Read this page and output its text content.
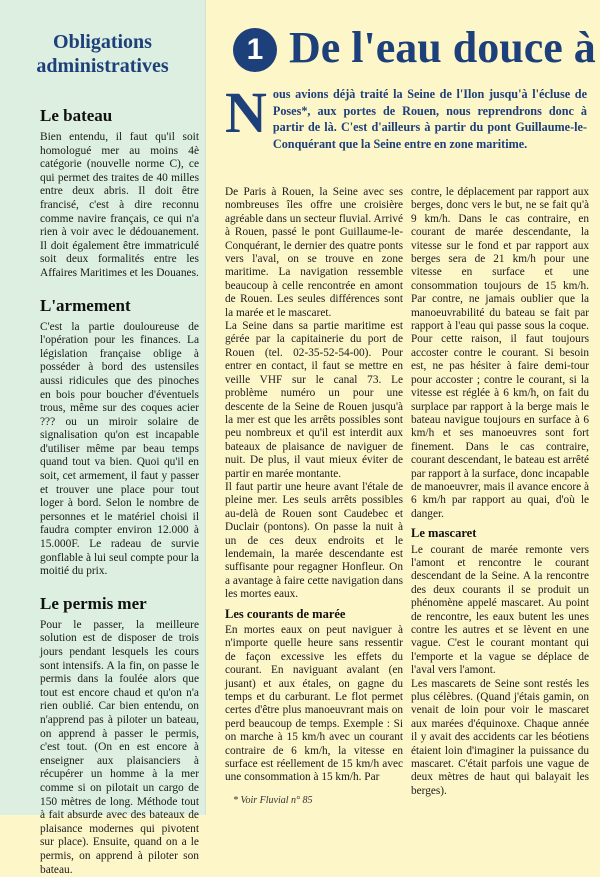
Obligations
administratives
Le bateau

Bien entendu, il faut qu'il soit homologué mer au moins 4è catégorie (nouvelle norme C), ce qui permet des traites de 40 milles entre deux abris. Il doit être francisé, c'est à dire reconnu comme navire français, ce qui n'a rien à voir avec le dédouanement. Il doit également être immatriculé soit deux formalités entre les Affaires Maritimes et les Douanes.

L'armement

C'est la partie douloureuse de l'opération pour les finances. La législation française oblige à posséder à bord des ustensiles aussi ridicules que des pinoches en bois pour boucher d'éventuels trous, même sur des coques acier ??? ou un miroir solaire de signalisation qu'on est incapable d'utiliser même par beau temps quand tout va bien. Quoi qu'il en soit, cet armement, il faut y passer et trouver une place pour tout loger à bord. Selon le nombre de personnes et le matériel choisi il faudra compter environ 12.000 à 15.000F. Le radeau de survie gonflable à lui seul compte pour la moitié du prix.

Le permis mer

Pour le passer, la meilleure solution est de disposer de trois jours pendant lesquels les cours sont intensifs. A la fin, on passe le permis dans la foulée alors que tout est encore chaud et qu'on n'a rien oublié. Car bien entendu, on n'apprend pas à piloter un bateau, on apprend à passer le permis, c'est tout. (On en est encore à enseigner aux plaisanciers à récupérer un homme à la mer comme si on pilotait un cargo de 150 mètres de long. Méthode tout à fait absurde avec des bateaux de plaisance modernes qui pivotent sur place). Ensuite, quand on a le permis, on apprend à piloter son bateau.

1 De l'eau douce à
Nous avions déjà traité la Seine de l'Ilon jusqu'à l'écluse de Poses*, aux portes de Rouen, nous reprendrons donc à partir de là. C'est d'ailleurs à partir du pont Guillaume-le-Conquérant que la Seine entre en zone maritime.

De Paris à Rouen, la Seine avec ses nombreuses îles offre une croisière agréable dans un secteur fluvial. Arrivé à Rouen, passé le pont Guillaume-le-Conquérant, le dernier des quatre ponts vers l'aval, on se trouve en zone maritime. La navigation ressemble beaucoup à celle rencontrée en amont de Rouen. Les seules différences sont la marée et le mascaret.

La Seine dans sa partie maritime est gérée par la capitainerie du port de Rouen (tel. 02-35-52-54-00). Pour entrer en contact, il faut se mettre en veille VHF sur le canal 73. Le problème numéro un pour une descente de la Seine de Rouen jusqu'à la mer est que les arrêts possibles sont peu nombreux et qu'il est interdit aux bateaux de plaisance de naviguer de nuit. De plus, il vaut mieux éviter de partir en marée montante.

Il faut partir une heure avant l'étale de pleine mer. Les seuls arrêts possibles au-delà de Rouen sont Caudebec et Duclair (pontons). On passe la nuit à un de ces deux endroits et le lendemain, la marée descendante est suffisante pour regagner Honfleur. On a avantage à faire cette navigation dans les mortes eaux.

Les courants de marée

En mortes eaux on peut naviguer à n'importe quelle heure sans ressentir de façon excessive les effets du courant. En naviguant avalant (en jusant) et aux étales, on gagne du temps et du carburant. Le flot permet certes d'être plus manoeuvrant mais on perd beaucoup de temps. Exemple : Si on marche à 15 km/h avec un courant contraire de 6 km/h, la vitesse en surface est réellement de 15 km/h avec une consommation à 15 km/h. Par

contre, le déplacement par rapport aux berges, donc vers le but, ne se fait qu'à 9 km/h. Dans le cas contraire, en courant de marée descendante, la vitesse sur le fond et par rapport aux berges sera de 21 km/h pour une vitesse en surface et une consommation toujours de 15 km/h. Par contre, ne jamais oublier que la manoeuvrabilité du bateau se fait par rapport à l'eau qui passe sous la coque. Pour cette raison, il faut toujours accoster contre le courant. Si besoin est, ne pas hésiter à faire demi-tour pour accoster ; contre le courant, si la vitesse est réglée à 6 km/h, on fait du surplace par rapport à la berge mais le bateau navigue toujours en surface à 6 km/h et ses manoeuvres sont fort finement. Dans le cas contraire, courant descendant, le bateau est arrêté par rapport à la surface, donc incapable de manoeuvrer, mais il avance encore à 6 km/h par rapport au quai, d'où le danger.

Le mascaret

Le courant de marée remonte vers l'amont et rencontre le courant descendant de la Seine. A la rencontre des deux courants il se produit un phénomène appelé mascaret. Au point de rencontre, les eaux butent les unes contre les autres et se lèvent en une vague. C'est le courant montant qui l'emporte et la vague se déplace de l'aval vers l'amont.

Les mascarets de Seine sont restés les plus célèbres. (Quand j'étais gamin, on venait de loin pour voir le mascaret aux marées d'équinoxe. Chaque année il y avait des accidents car les béotiens étaient loin d'imaginer la puissance du mascaret. C'était parfois une vague de deux mètres de haut qui balayait les berges).

* Voir Fluvial n° 85
